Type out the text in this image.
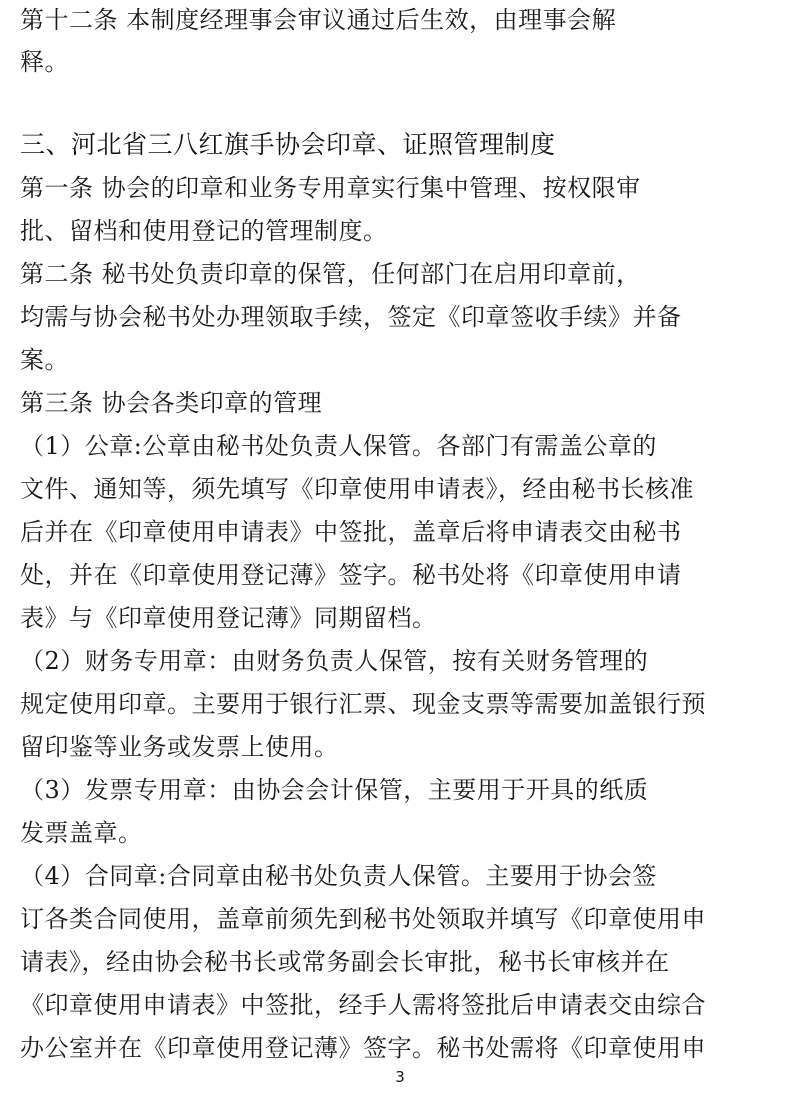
第十二条 本制度经理事会审议通过后生效，由理事会解
释。
三、河北省三八红旗手协会印章、证照管理制度
第一条 协会的印章和业务专用章实行集中管理、按权限审
批、留档和使用登记的管理制度。
第二条 秘书处负责印章的保管，任何部门在启用印章前，
均需与协会秘书处办理领取手续，签定《印章签收手续》并备
案。
第三条 协会各类印章的管理
（1）公章:公章由秘书处负责人保管。各部门有需盖公章的
文件、通知等，须先填写《印章使用申请表》，经由秘书长核准
后并在《印章使用申请表》中签批，盖章后将申请表交由秘书
处，并在《印章使用登记薄》签字。秘书处将《印章使用申请
表》与《印章使用登记薄》同期留档。
（2）财务专用章：由财务负责人保管，按有关财务管理的
规定使用印章。主要用于银行汇票、现金支票等需要加盖银行预
留印鉴等业务或发票上使用。
（3）发票专用章：由协会会计保管，主要用于开具的纸质
发票盖章。
（4）合同章:合同章由秘书处负责人保管。主要用于协会签
订各类合同使用，盖章前须先到秘书处领取并填写《印章使用申
请表》，经由协会秘书长或常务副会长审批，秘书长审核并在
《印章使用申请表》中签批，经手人需将签批后申请表交由综合
办公室并在《印章使用登记薄》签字。秘书处需将《印章使用申
3
